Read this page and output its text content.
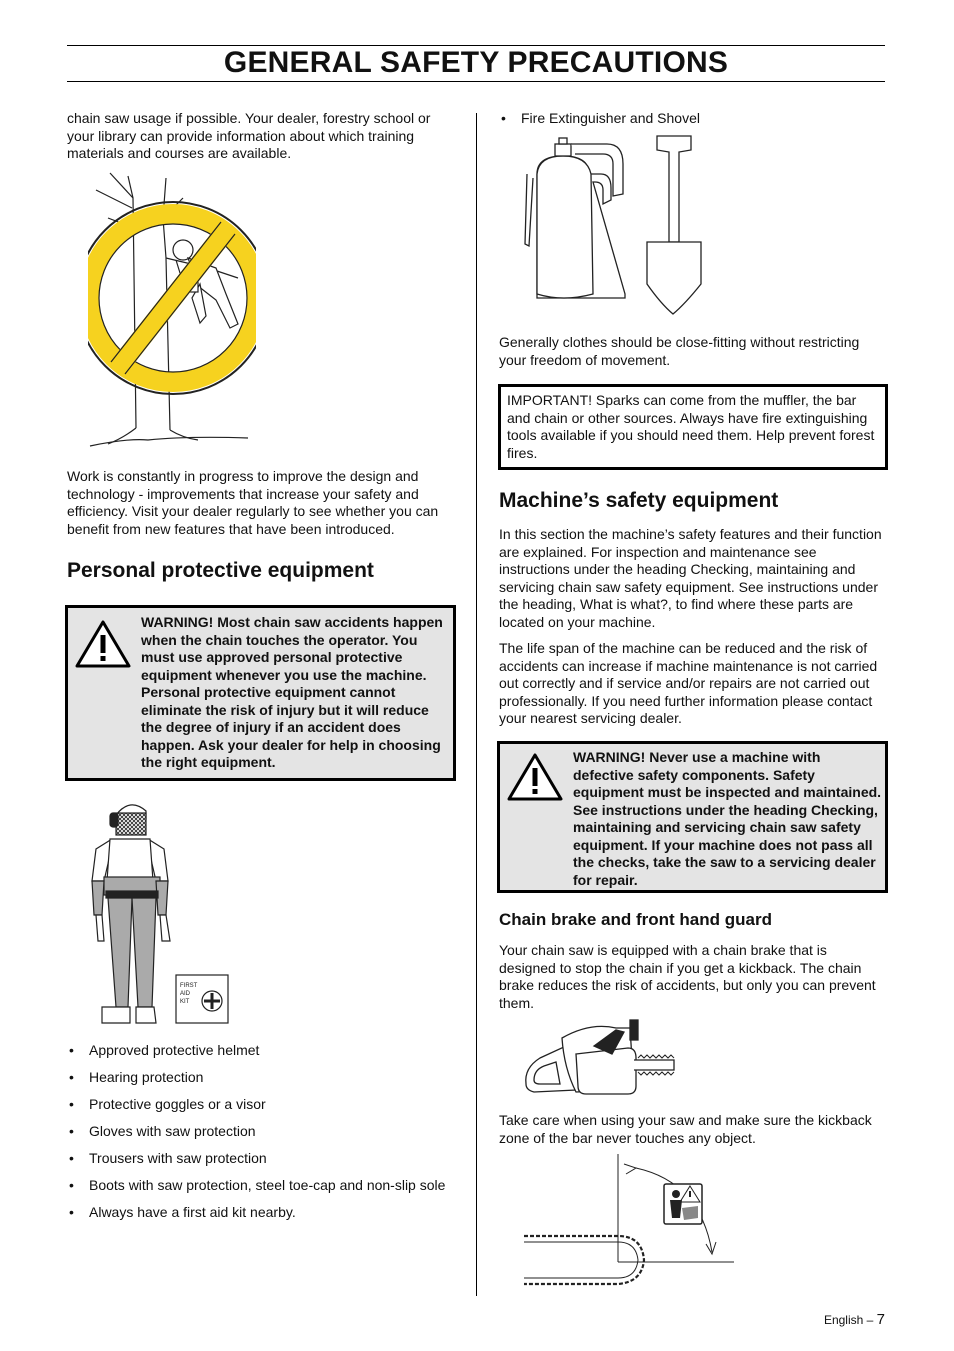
GENERAL SAFETY PRECAUTIONS
chain saw usage if possible. Your dealer, forestry school or your library can provide information about which training materials and courses are available.
Work is constantly in progress to improve the design and technology - improvements that increase your safety and efficiency. Visit your dealer regularly to see whether you can benefit from new features that have been introduced.
Personal protective equipment
WARNING! Most chain saw accidents happen when the chain touches the operator. You must use approved personal protective equipment whenever you use the machine. Personal protective equipment cannot eliminate the risk of injury but it will reduce the degree of injury if an accident does happen. Ask your dealer for help in choosing the right equipment.
FIRST
AID
KIT
• Approved protective helmet
• Hearing protection
• Protective goggles or a visor
• Gloves with saw protection
• Trousers with saw protection
• Boots with saw protection, steel toe-cap and non-slip sole
• Always have a first aid kit nearby.
• Fire Extinguisher and Shovel
Generally clothes should be close-fitting without restricting your freedom of movement.
IMPORTANT! Sparks can come from the muffler, the bar and chain or other sources. Always have fire extinguishing tools available if you should need them. Help prevent forest fires.
Machine’s safety equipment
In this section the machine’s safety features and their function are explained. For inspection and maintenance see instructions under the heading Checking, maintaining and servicing chain saw safety equipment. See instructions under the heading, What is what?, to find where these parts are located on your machine.
The life span of the machine can be reduced and the risk of accidents can increase if machine maintenance is not carried out correctly and if service and/or repairs are not carried out professionally. If you need further information please contact your nearest servicing dealer.
WARNING! Never use a machine with defective safety components. Safety equipment must be inspected and maintained. See instructions under the heading Checking, maintaining and servicing chain saw safety equipment. If your machine does not pass all the checks, take the saw to a servicing dealer for repair.
Chain brake and front hand guard
Your chain saw is equipped with a chain brake that is designed to stop the chain if you get a kickback. The chain brake reduces the risk of accidents, but only you can prevent them.
Take care when using your saw and make sure the kickback zone of the bar never touches any object.
English – 7
